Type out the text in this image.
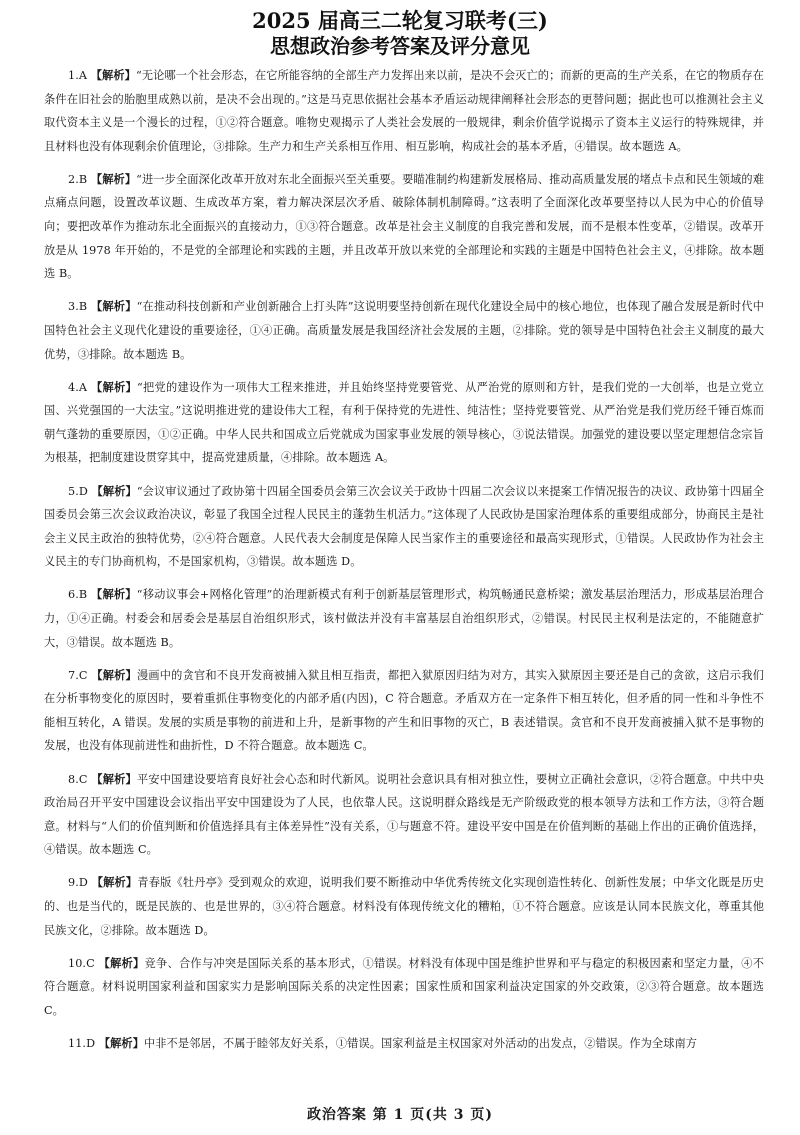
2025 届高三二轮复习联考(三)
思想政治参考答案及评分意见

1.A 【解析】“无论哪一个社会形态，在它所能容纳的全部生产力发挥出来以前，是决不会灭亡的；而新的更高的生产关系，在它的物质存在条件在旧社会的胎胞里成熟以前，是决不会出现的。”这是马克思依据社会基本矛盾运动规律阐释社会形态的更替问题；据此也可以推测社会主义取代资本主义是一个漫长的过程，①②符合题意。唯物史观揭示了人类社会发展的一般规律，剩余价值学说揭示了资本主义运行的特殊规律，并且材料也没有体现剩余价值理论，③排除。生产力和生产关系相互作用、相互影响，构成社会的基本矛盾，④错误。故本题选 A。

2.B 【解析】“进一步全面深化改革开放对东北全面振兴至关重要。要瞄准制约构建新发展格局、推动高质量发展的堵点卡点和民生领域的难点痛点问题，设置改革议题、生成改革方案，着力解决深层次矛盾、破除体制机制障碍。”这表明了全面深化改革要坚持以人民为中心的价值导向；要把改革作为推动东北全面振兴的直接动力，①③符合题意。改革是社会主义制度的自我完善和发展，而不是根本性变革，②错误。改革开放是从 1978 年开始的，不是党的全部理论和实践的主题，并且改革开放以来党的全部理论和实践的主题是中国特色社会主义，④排除。故本题选 B。

3.B 【解析】“在推动科技创新和产业创新融合上打头阵”这说明要坚持创新在现代化建设全局中的核心地位，也体现了融合发展是新时代中国特色社会主义现代化建设的重要途径，①④正确。高质量发展是我国经济社会发展的主题，②排除。党的领导是中国特色社会主义制度的最大优势，③排除。故本题选 B。

4.A 【解析】“把党的建设作为一项伟大工程来推进，并且始终坚持党要管党、从严治党的原则和方针，是我们党的一大创举，也是立党立国、兴党强国的一大法宝。”这说明推进党的建设伟大工程，有利于保持党的先进性、纯洁性；坚持党要管党、从严治党是我们党历经千锤百炼而朝气蓬勃的重要原因，①②正确。中华人民共和国成立后党就成为国家事业发展的领导核心，③说法错误。加强党的建设要以坚定理想信念宗旨为根基，把制度建设贯穿其中，提高党建质量，④排除。故本题选 A。

5.D 【解析】“会议审议通过了政协第十四届全国委员会第三次会议关于政协十四届二次会议以来提案工作情况报告的决议、政协第十四届全国委员会第三次会议政治决议，彰显了我国全过程人民民主的蓬勃生机活力。”这体现了人民政协是国家治理体系的重要组成部分，协商民主是社会主义民主政治的独特优势，②④符合题意。人民代表大会制度是保障人民当家作主的重要途径和最高实现形式，①错误。人民政协作为社会主义民主的专门协商机构，不是国家机构，③错误。故本题选 D。

6.B 【解析】“移动议事会+网格化管理”的治理新模式有利于创新基层管理形式，构筑畅通民意桥梁；激发基层治理活力，形成基层治理合力，①④正确。村委会和居委会是基层自治组织形式，该村做法并没有丰富基层自治组织形式，②错误。村民民主权利是法定的，不能随意扩大，③错误。故本题选 B。

7.C 【解析】漫画中的贪官和不良开发商被捕入狱且相互指责，都把入狱原因归结为对方，其实入狱原因主要还是自己的贪欲，这启示我们在分析事物变化的原因时，要着重抓住事物变化的内部矛盾(内因)，C 符合题意。矛盾双方在一定条件下相互转化，但矛盾的同一性和斗争性不能相互转化，A 错误。发展的实质是事物的前进和上升，是新事物的产生和旧事物的灭亡，B 表述错误。贪官和不良开发商被捕入狱不是事物的发展，也没有体现前进性和曲折性，D 不符合题意。故本题选 C。

8.C 【解析】平安中国建设要培育良好社会心态和时代新风。说明社会意识具有相对独立性，要树立正确社会意识，②符合题意。中共中央政治局召开平安中国建设会议指出平安中国建设为了人民，也依靠人民。这说明群众路线是无产阶级政党的根本领导方法和工作方法，③符合题意。材料与“人们的价值判断和价值选择具有主体差异性”没有关系，①与题意不符。建设平安中国是在价值判断的基础上作出的正确价值选择，④错误。故本题选 C。

9.D 【解析】青春版《牡丹亭》受到观众的欢迎，说明我们要不断推动中华优秀传统文化实现创造性转化、创新性发展；中华文化既是历史的、也是当代的，既是民族的、也是世界的，③④符合题意。材料没有体现传统文化的糟粕，①不符合题意。应该是认同本民族文化，尊重其他民族文化，②排除。故本题选 D。

10.C 【解析】竞争、合作与冲突是国际关系的基本形式，①错误。材料没有体现中国是维护世界和平与稳定的积极因素和坚定力量，④不符合题意。材料说明国家利益和国家实力是影响国际关系的决定性因素；国家性质和国家利益决定国家的外交政策，②③符合题意。故本题选 C。

11.D 【解析】中非不是邻居，不属于睦邻友好关系，①错误。国家利益是主权国家对外活动的出发点，②错误。作为全球南方

政治答案 第 1 页(共 3 页)
